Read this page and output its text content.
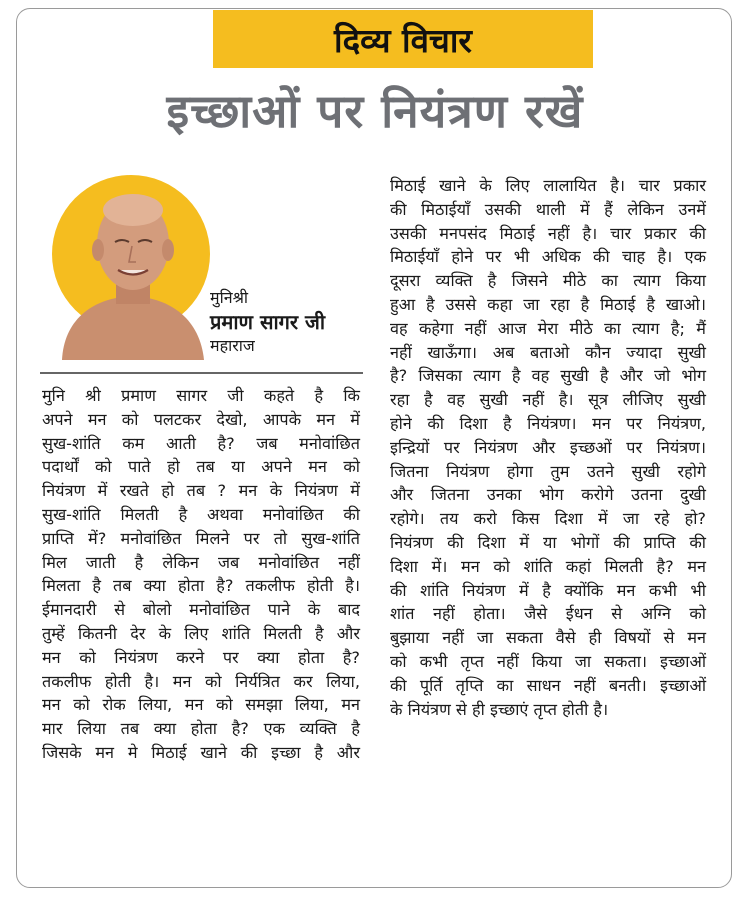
दिव्य विचार
इच्छाओं पर नियंत्रण रखें
मुनिश्री
प्रमाण सागर जी
महाराज
मुनि श्री प्रमाण सागर जी कहते है कि
अपने मन को पलटकर देखो, आपके मन में
सुख-शांति कम आती है? जब मनोवांछित
पदार्थों को पाते हो तब या अपने मन को
नियंत्रण में रखते हो तब ? मन के नियंत्रण में
सुख-शांति मिलती है अथवा मनोवांछित की
प्राप्ति में? मनोवांछित मिलने पर तो सुख-शांति
मिल जाती है लेकिन जब मनोवांछित नहीं
मिलता है तब क्या होता है? तकलीफ होती है।
ईमानदारी से बोलो मनोवांछित पाने के बाद
तुम्हें कितनी देर के लिए शांति मिलती है और
मन को नियंत्रण करने पर क्या होता है?
तकलीफ होती है। मन को निर्यत्रित कर लिया,
मन को रोक लिया, मन को समझा लिया, मन
मार लिया तब क्या होता है? एक व्यक्ति है
जिसके मन मे मिठाई खाने की इच्छा है और
मिठाई खाने के लिए लालायित है। चार प्रकार
की मिठाईयाँ उसकी थाली में हैं लेकिन उनमें
उसकी मनपसंद मिठाई नहीं है। चार प्रकार की
मिठाईयाँ होने पर भी अधिक की चाह है। एक
दूसरा व्यक्ति है जिसने मीठे का त्याग किया
हुआ है उससे कहा जा रहा है मिठाई है खाओ।
वह कहेगा नहीं आज मेरा मीठे का त्याग है; मैं
नहीं खाऊँगा। अब बताओ कौन ज्यादा सुखी
है? जिसका त्याग है वह सुखी है और जो भोग
रहा है वह सुखी नहीं है। सूत्र लीजिए सुखी
होने की दिशा है नियंत्रण। मन पर नियंत्रण,
इन्द्रियों पर नियंत्रण और इच्छओं पर नियंत्रण।
जितना नियंत्रण होगा तुम उतने सुखी रहोगे
और जितना उनका भोग करोगे उतना दुखी
रहोगे। तय करो किस दिशा में जा रहे हो?
नियंत्रण की दिशा में या भोगों की प्राप्ति की
दिशा में। मन को शांति कहां मिलती है? मन
की शांति नियंत्रण में है क्योंकि मन कभी भी
शांत नहीं होता। जैसे ईधन से अग्नि को
बुझाया नहीं जा सकता वैसे ही विषयों से मन
को कभी तृप्त नहीं किया जा सकता। इच्छाओं
की पूर्ति तृप्ति का साधन नहीं बनती। इच्छाओं
के नियंत्रण से ही इच्छाएं तृप्त होती है।
